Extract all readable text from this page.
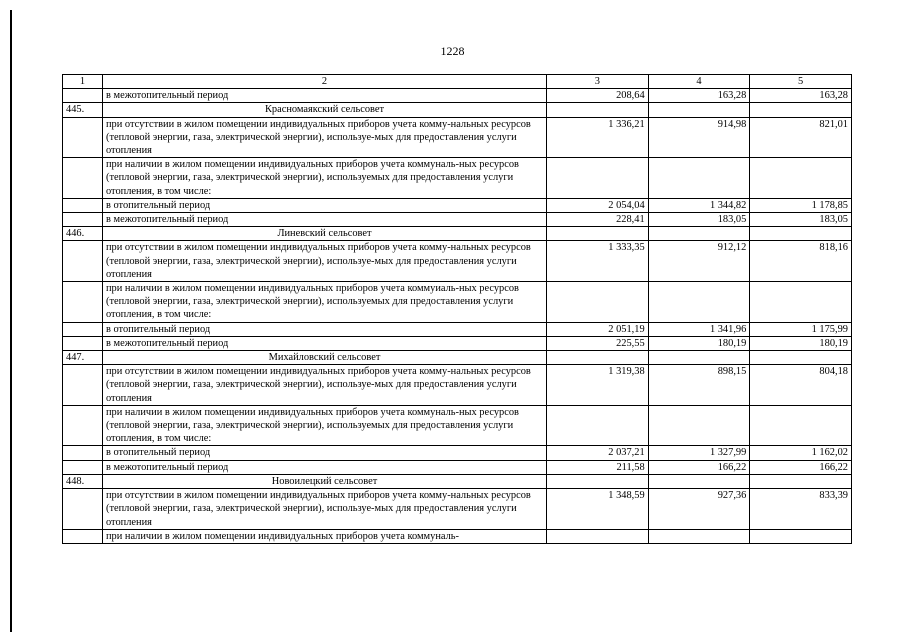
1228
1	2	3	4	5
	в межотопительный период	208,64	163,28	163,28
445.	Красномаякский сельсовет			
	при отсутствии в жилом помещении индивидуальных приборов учета комму-нальных ресурсов (тепловой энергии, газа, электрической энергии), используе-мых для предоставления услуги отопления	1 336,21	914,98	821,01
	при наличии в жилом помещении индивидуальных приборов учета коммуналь-ных ресурсов (тепловой энергии, газа, электрической энергии), используемых для предоставления услуги отопления, в том числе:			
	в отопительный период	2 054,04	1 344,82	1 178,85
	в межотопительный период	228,41	183,05	183,05
446.	Линевский сельсовет			
	при отсутствии в жилом помещении индивидуальных приборов учета комму-нальных ресурсов (тепловой энергии, газа, электрической энергии), используе-мых для предоставления услуги отопления	1 333,35	912,12	818,16
	при наличии в жилом помещении индивидуальных приборов учета коммуиаль-ных ресурсов (тепловой энергии, газа, электрической энергии), используемых для предоставления услуги отопления, в том числе:			
	в отопительный период	2 051,19	1 341,96	1 175,99
	в межотопительный период	225,55	180,19	180,19
447.	Михайловский сельсовет			
	при отсутствии в жилом помещении индивидуальных приборов учета комму-нальных ресурсов (тепловой энергии, газа, электрической энергии), используе-мых для предоставления услуги отопления	1 319,38	898,15	804,18
	при наличии в жилом помещении индивидуальных приборов учета коммуналь-ных ресурсов (тепловой энергии, газа, электрической энергии), используемых для предоставления услуги отопления, в том числе:			
	в отопительный период	2 037,21	1 327,99	1 162,02
	в межотопительный период	211,58	166,22	166,22
448.	Новоилецкий сельсовет			
	при отсутствии в жилом помещении индивидуальных приборов учета комму-нальных ресурсов (тепловой энергии, газа, электрической энергии), используе-мых для предоставления услуги отопления	1 348,59	927,36	833,39
	при наличии в жилом помещении индивидуальных приборов учета коммуналь-			
